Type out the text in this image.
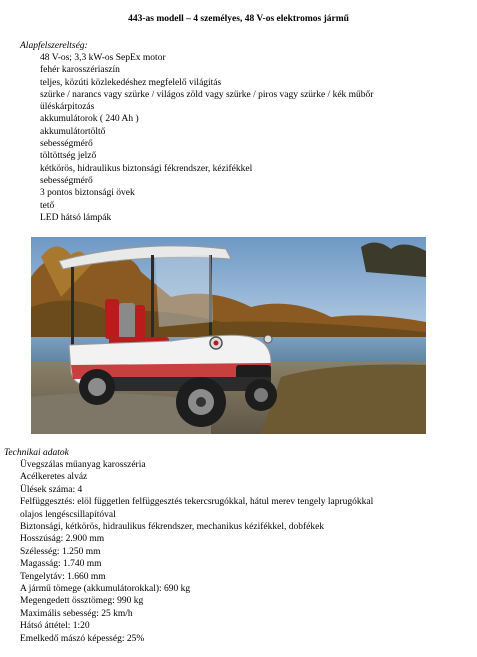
443-as modell – 4 személyes, 48 V-os elektromos jármű
Alapfelszereltség:
48 V-os; 3,3 kW-os SepEx motor
fehér karosszériaszín
teljes, közúti közlekedéshez megfelelő világítás
szürke / narancs vagy szürke / világos zöld vagy szürke / piros vagy szürke / kék műbőr
üléskárpitozás
akkumulátorok ( 240 Ah )
akkumulátortöltő
sebességmérő
töltöttség jelző
kétkörös, hidraulikus biztonsági fékrendszer, kézifékkel
sebességmérő
3 pontos biztonsági övek
tető
LED hátsó lámpák
Technikai adatok
Üvegszálas műanyag karosszéria
Acélkeretes alváz
Ülések száma: 4
Felfüggesztés: elöl független felfüggesztés tekercsrugókkal, hátul merev tengely laprugókkal
olajos lengéscsillapítóval
Biztonsági, kétkörös, hidraulikus fékrendszer, mechanikus kézifékkel, dobfékek
Hosszúság: 2.900 mm
Szélesség: 1.250 mm
Magasság: 1.740 mm
Tengelytáv: 1.660 mm
A jármű tömege (akkumulátorokkal): 690 kg
Megengedett össztömeg: 990 kg
Maximális sebesség: 25 km/h
Hátsó áttétel: 1:20
Emelkedő mászó képesség: 25%
